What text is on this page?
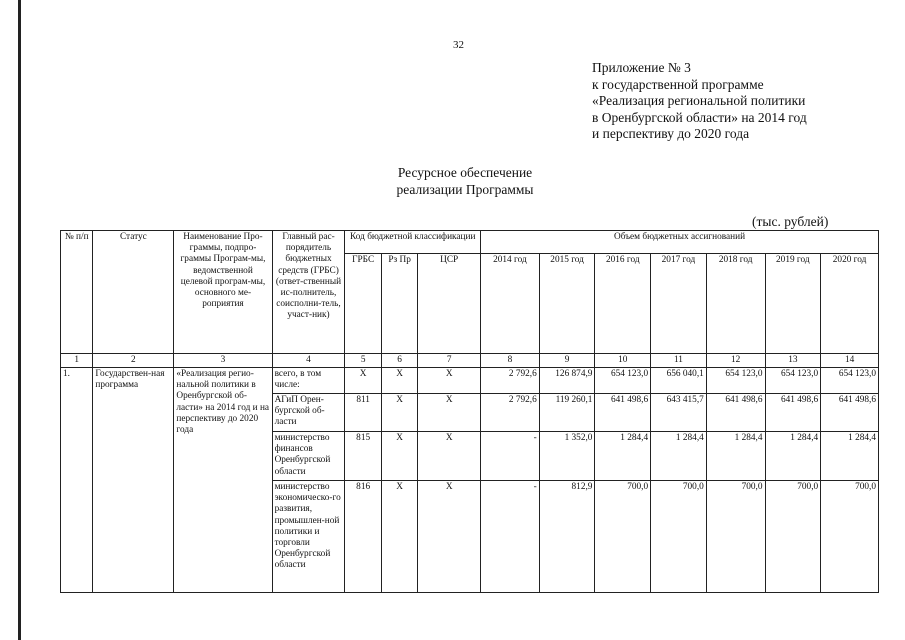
32
Приложение № 3
к государственной программе
«Реализация региональной политики
в Оренбургской области» на 2014 год
и перспективу до 2020 года
Ресурсное обеспечение
реализации Программы
(тыс. рублей)
№ п/п	Статус	Наименование Про-граммы, подпро-граммы Програм-мы, ведомственной целевой програм-мы, основного ме-роприятия	Главный рас-порядитель бюджетных средств (ГРБС) (ответ-ственный ис-полнитель, соисполни-тель, участ-ник)	Код бюджетной классификации			Объем бюджетных ассигнований						
				ГРБС	Рз Пр	ЦСР	2014 год	2015 год	2016 год	2017 год	2018 год	2019 год	2020 год
1	2	3	4	5	6	7	8	9	10	11	12	13	14
1.	Государствен-ная программа	«Реализация регио-нальной политики в Оренбургской об-ласти» на 2014 год и на перспективу до 2020 года	всего, в том числе:	Х	Х	Х	2 792,6	126 874,9	654 123,0	656 040,1	654 123,0	654 123,0	654 123,0
			АГиП Орен-бургской об-ласти	811	Х	Х	2 792,6	119 260,1	641 498,6	643 415,7	641 498,6	641 498,6	641 498,6
			министерство финансов Оренбургской области	815	Х	Х	-	1 352,0	1 284,4	1 284,4	1 284,4	1 284,4	1 284,4
			министерство экономическо-го развития, промышлен-ной политики и торговли Оренбургской области	816	Х	Х	-	812,9	700,0	700,0	700,0	700,0	700,0
